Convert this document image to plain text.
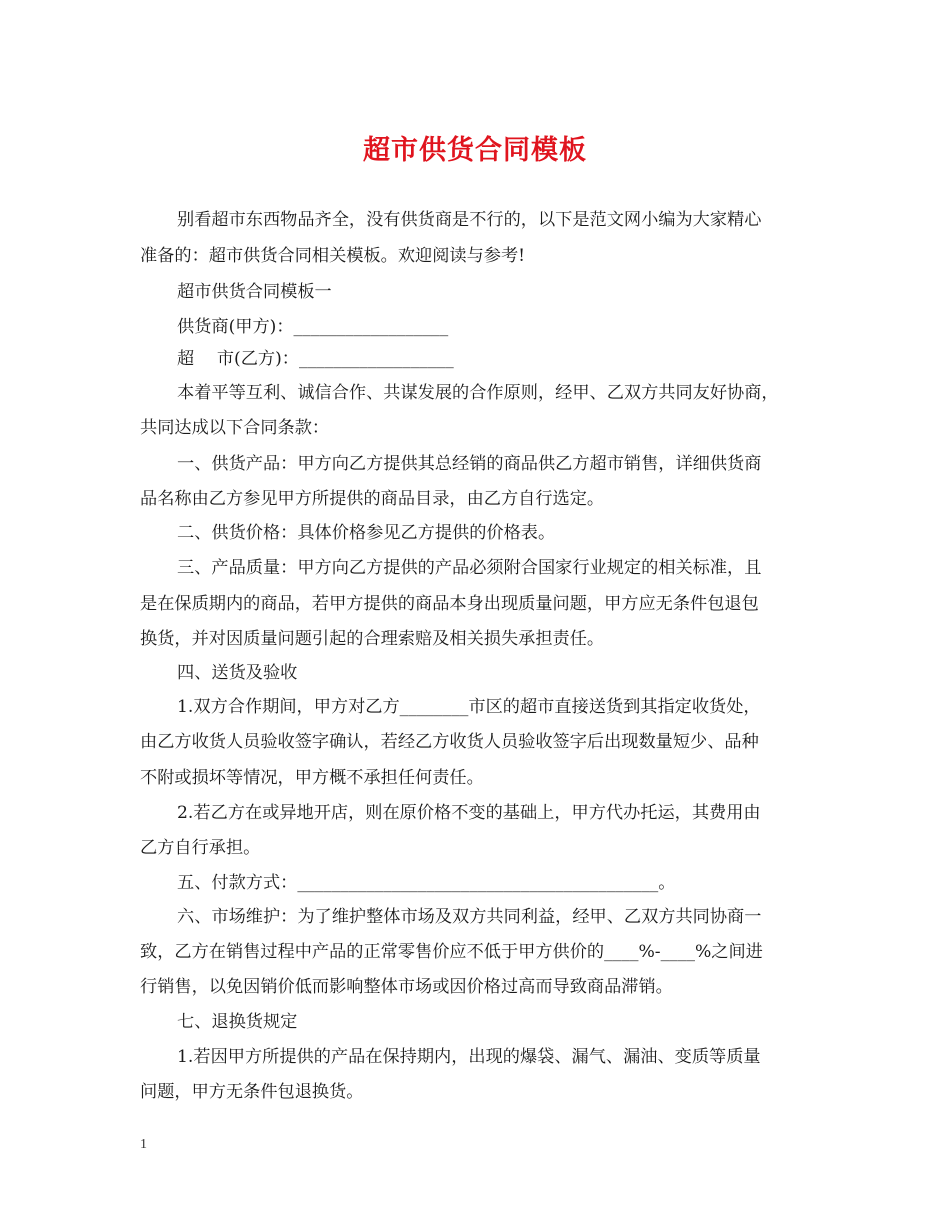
超市供货合同模板
别看超市东西物品齐全，没有供货商是不行的，以下是范文网小编为大家精心
准备的：超市供货合同相关模板。欢迎阅读与参考!
超市供货合同模板一
供货商(甲方)：__________________
超　 市(乙方)：__________________
本着平等互利、诚信合作、共谋发展的合作原则，经甲、乙双方共同友好协商，
共同达成以下合同条款：
一、供货产品：甲方向乙方提供其总经销的商品供乙方超市销售，详细供货商
品名称由乙方参见甲方所提供的商品目录，由乙方自行选定。
二、供货价格：具体价格参见乙方提供的价格表。
三、产品质量：甲方向乙方提供的产品必须附合国家行业规定的相关标准，且
是在保质期内的商品，若甲方提供的商品本身出现质量问题，甲方应无条件包退包
换货，并对因质量问题引起的合理索赔及相关损失承担责任。
四、送货及验收
1.双方合作期间，甲方对乙方________市区的超市直接送货到其指定收货处，
由乙方收货人员验收签字确认，若经乙方收货人员验收签字后出现数量短少、品种
不附或损坏等情况，甲方概不承担任何责任。
2.若乙方在或异地开店，则在原价格不变的基础上，甲方代办托运，其费用由
乙方自行承担。
五、付款方式：__________________________________________。
六、市场维护：为了维护整体市场及双方共同利益，经甲、乙双方共同协商一
致，乙方在销售过程中产品的正常零售价应不低于甲方供价的____%-____%之间进
行销售，以免因销价低而影响整体市场或因价格过高而导致商品滞销。
七、退换货规定
1.若因甲方所提供的产品在保持期内，出现的爆袋、漏气、漏油、变质等质量
问题，甲方无条件包退换货。
1
